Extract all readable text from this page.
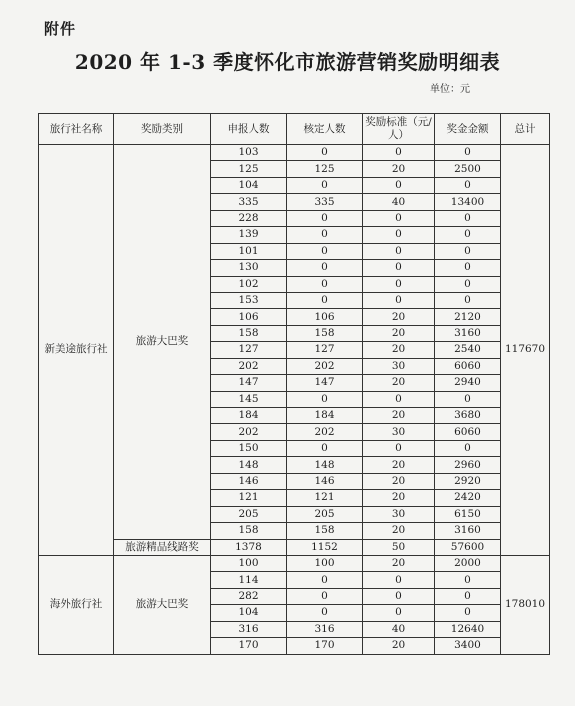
附件
2020 年 1-3 季度怀化市旅游营销奖励明细表
单位：元
旅行社名称	奖励类别	申报人数	核定人数	奖励标准（元/人）	奖金金额	总计
新美途旅行社	旅游大巴奖	103	0	0	0	117670
		125	125	20	2500	
		104	0	0	0	
		335	335	40	13400	
		228	0	0	0	
		139	0	0	0	
		101	0	0	0	
		130	0	0	0	
		102	0	0	0	
		153	0	0	0	
		106	106	20	2120	
		158	158	20	3160	
		127	127	20	2540	
		202	202	30	6060	
		147	147	20	2940	
		145	0	0	0	
		184	184	20	3680	
		202	202	30	6060	
		150	0	0	0	
		148	148	20	2960	
		146	146	20	2920	
		121	121	20	2420	
		205	205	30	6150	
		158	158	20	3160	
	旅游精品线路奖	1378	1152	50	57600	
海外旅行社	旅游大巴奖	100	100	20	2000	178010
		114	0	0	0	
		282	0	0	0	
		104	0	0	0	
		316	316	40	12640	
		170	170	20	3400	
